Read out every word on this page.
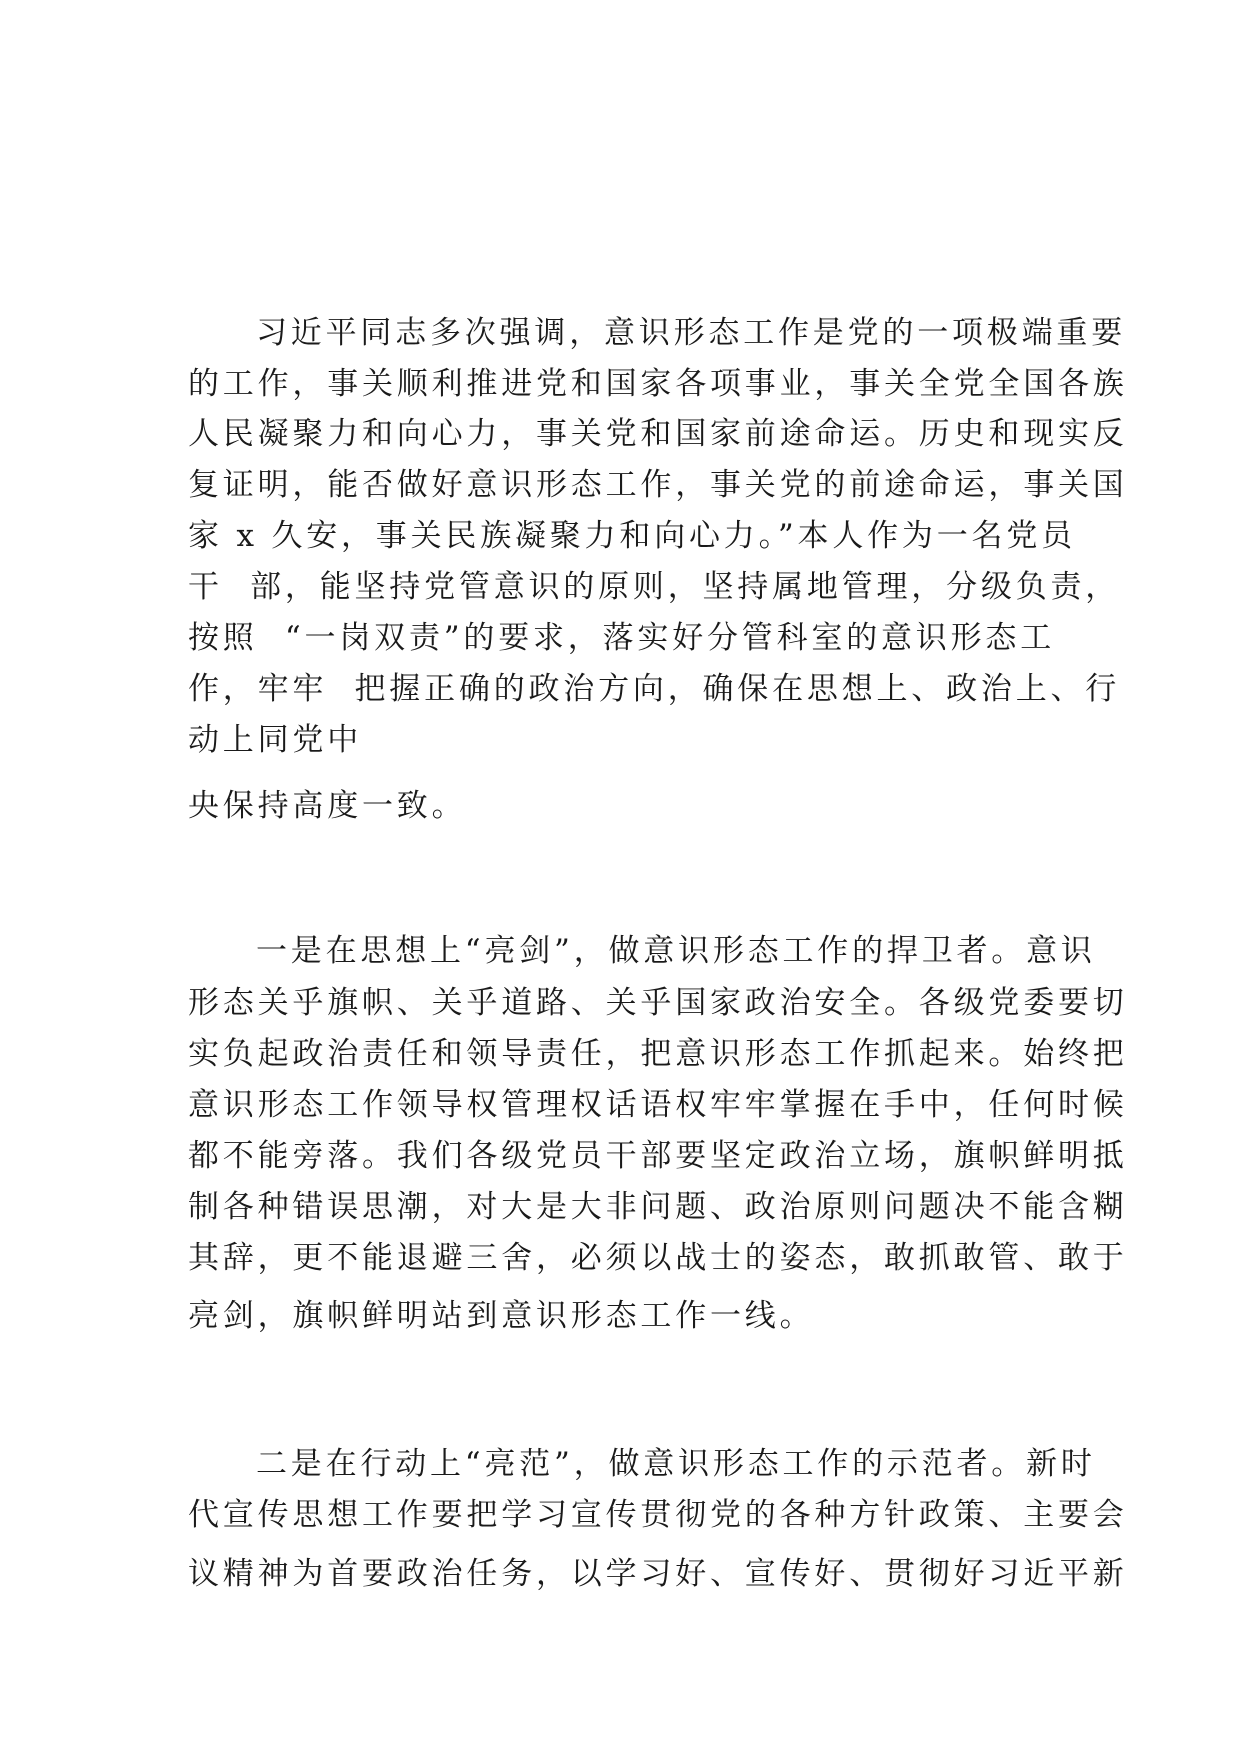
习近平同志多次强调，意识形态工作是党的一项极端重要
的工作，事关顺利推进党和国家各项事业，事关全党全国各族
人民凝聚力和向心力，事关党和国家前途命运。历史和现实反
复证明，能否做好意识形态工作，事关党的前途命运，事关国
家 x 久安，事关民族凝聚力和向心力。”本人作为一名党员
干  部，能坚持党管意识的原则，坚持属地管理，分级负责，
按照  “一岗双责”的要求，落实好分管科室的意识形态工
作，牢牢  把握正确的政治方向，确保在思想上、政治上、行
动上同党中
央保持高度一致。
一是在思想上“亮剑”，做意识形态工作的捍卫者。意识
形态关乎旗帜、关乎道路、关乎国家政治安全。各级党委要切
实负起政治责任和领导责任，把意识形态工作抓起来。始终把
意识形态工作领导权管理权话语权牢牢掌握在手中，任何时候
都不能旁落。我们各级党员干部要坚定政治立场，旗帜鲜明抵
制各种错误思潮，对大是大非问题、政治原则问题决不能含糊
其辞，更不能退避三舍，必须以战士的姿态，敢抓敢管、敢于
亮剑，旗帜鲜明站到意识形态工作一线。
二是在行动上“亮范”，做意识形态工作的示范者。新时
代宣传思想工作要把学习宣传贯彻党的各种方针政策、主要会
议精神为首要政治任务，以学习好、宣传好、贯彻好习近平新
